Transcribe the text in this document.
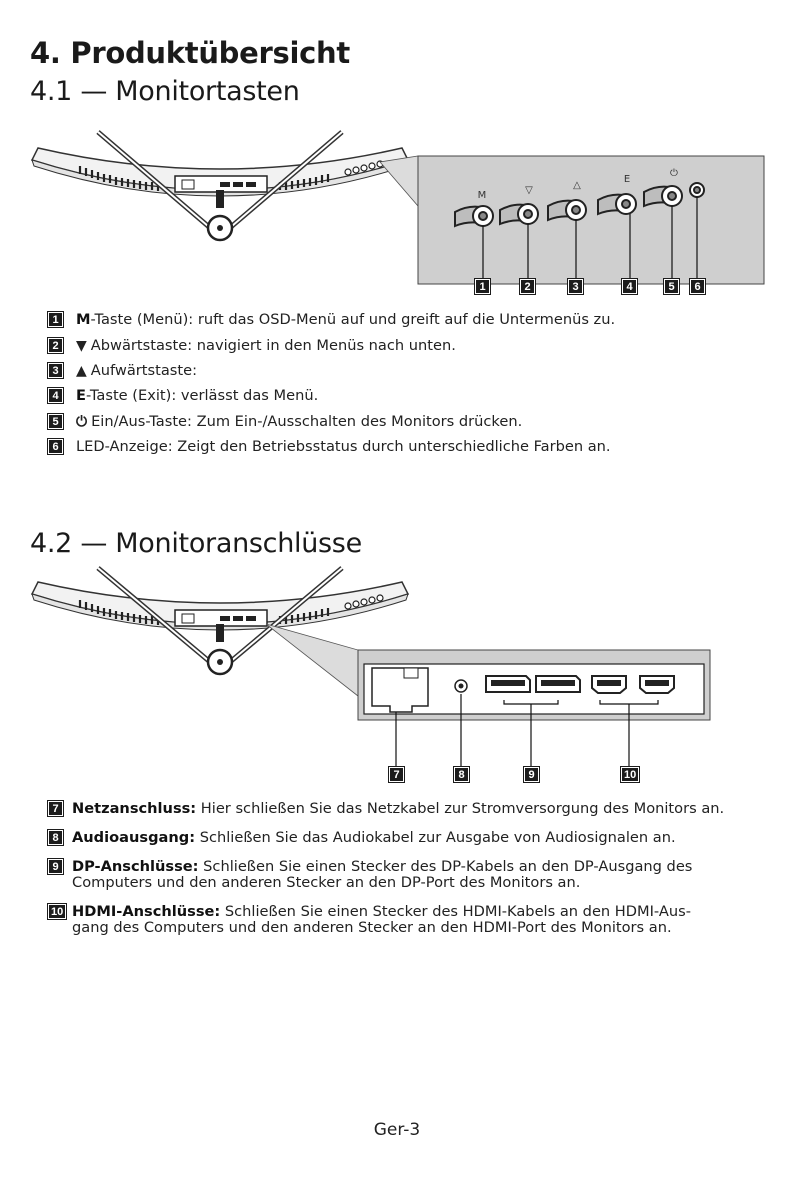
4. Produktübersicht
4.1 — Monitortasten
M	▽	△
E
⏻
1	2	3	4	5	6
1	M-Taste (Menü): ruft das OSD-Menü auf und greift auf die Untermenüs zu.
2	▼ Abwärtstaste: navigiert in den Menüs nach unten.
3	▲ Aufwärtstaste:
4	E-Taste (Exit): verlässt das Menü.
5	⏻ Ein/Aus-Taste: Zum Ein-/Ausschalten des Monitors drücken.
6	LED-Anzeige: Zeigt den Betriebsstatus durch unterschiedliche Farben an.
4.2 — Monitoranschlüsse
7	8	9	10
7 Netzanschluss: Hier schließen Sie das Netzkabel zur Stromversorgung des Monitors an.
8 Audioausgang: Schließen Sie das Audiokabel zur Ausgabe von Audiosignalen an.
9 DP-Anschlüsse: Schließen Sie einen Stecker des DP-Kabels an den DP-Ausgang des
Computers und den anderen Stecker an den DP-Port des Monitors an.
10 HDMI-Anschlüsse: Schließen Sie einen Stecker des HDMI-Kabels an den HDMI-Aus-
gang des Computers und den anderen Stecker an den HDMI-Port des Monitors an.
Ger-3
